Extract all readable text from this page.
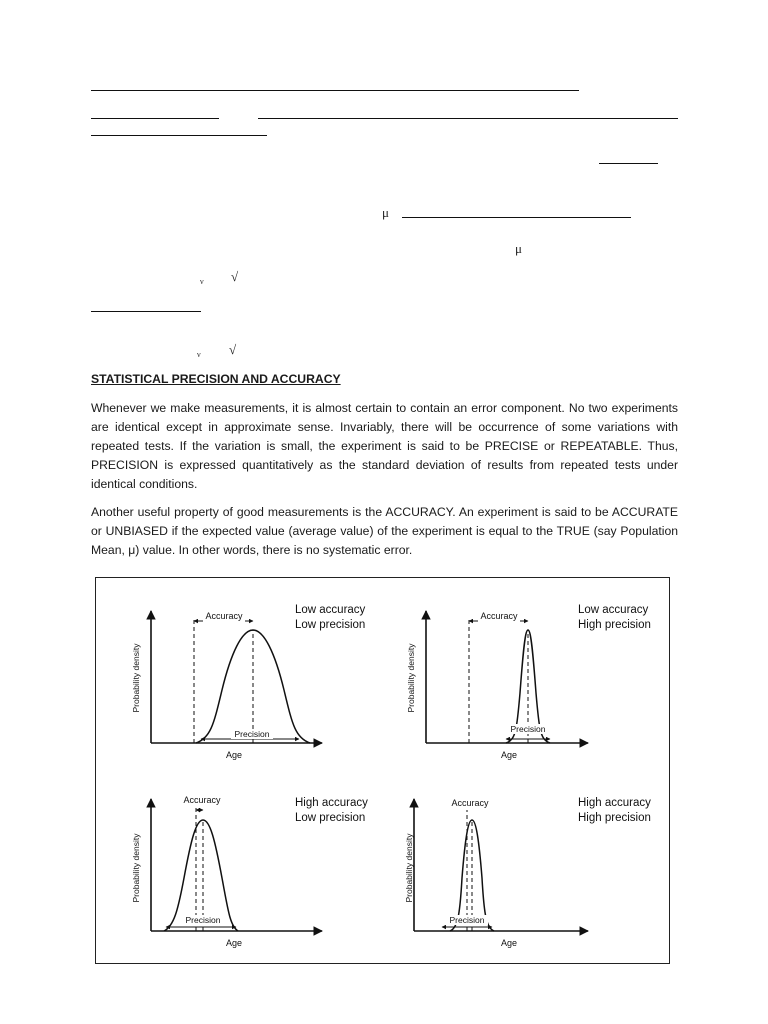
μ
μ
ν √
ν √
STATISTICAL PRECISION AND ACCURACY

Whenever we make measurements, it is almost certain to contain an error component. No two experiments are identical except in approximate sense. Invariably, there will be occurrence of some variations with repeated tests. If the variation is small, the experiment is said to be PRECISE or REPEATABLE. Thus, PRECISION is expressed quantitatively as the standard deviation of results from repeated tests under identical conditions.

Another useful property of good measurements is the ACCURACY. An experiment is said to be ACCURATE or UNBIASED if the expected value (average value) of the experiment is equal to the TRUE (say Population Mean, μ) value. In other words, there is no systematic error.

Accuracy
Precision
Age
Probability density
Low accuracy
Low precision
Accuracy
Precision
Age
Probability density
Low accuracy
High precision
Accuracy
Precision
Age
Probability density
High accuracy
Low precision
Accuracy
Precision
Age
Probability density
High accuracy
High precision
